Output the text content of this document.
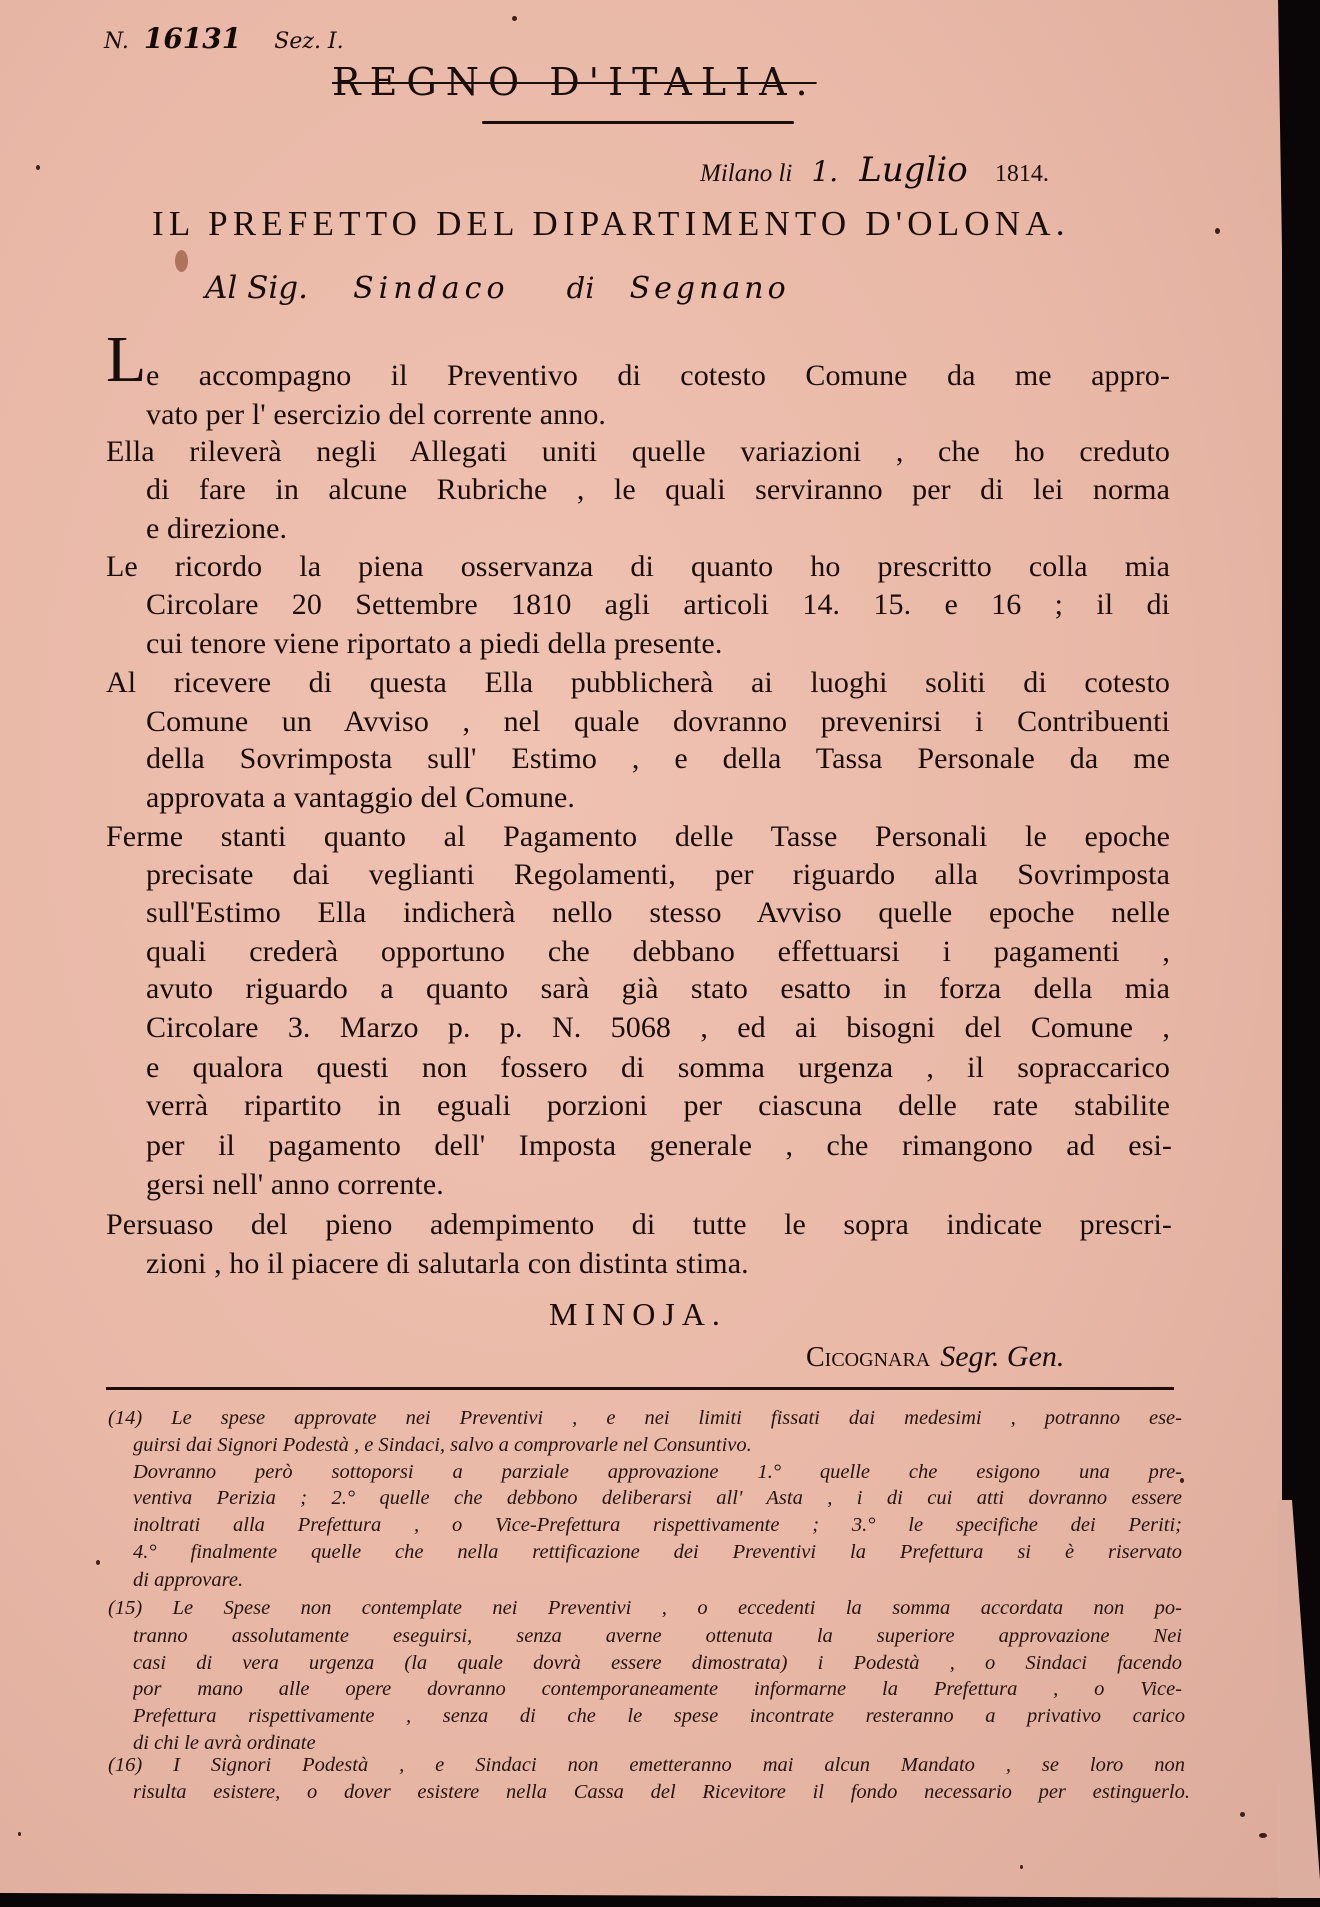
N. 16131 Sez. I.
REGNO D'ITALIA.
Milano li 1. Luglio 1814.
IL PREFETTO DEL DIPARTIMENTO D'OLONA.
Al Sig. Sindaco di Segnano
L e accompagno il Preventivo di cotesto Comune da me appro-
vato per l' esercizio del corrente anno.
Ella rileverà negli Allegati uniti quelle variazioni , che ho creduto
di fare in alcune Rubriche , le quali serviranno per di lei norma
e direzione.
Le ricordo la piena osservanza di quanto ho prescritto colla mia
Circolare 20 Settembre 1810 agli articoli 14. 15. e 16 ; il di
cui tenore viene riportato a piedi della presente.
Al ricevere di questa Ella pubblicherà ai luoghi soliti di cotesto
Comune un Avviso , nel quale dovranno prevenirsi i Contribuenti
della Sovrimposta sull' Estimo , e della Tassa Personale da me
approvata a vantaggio del Comune.
Ferme stanti quanto al Pagamento delle Tasse Personali le epoche
precisate dai veglianti Regolamenti, per riguardo alla Sovrimposta
sull'Estimo Ella indicherà nello stesso Avviso quelle epoche nelle
quali crederà opportuno che debbano effettuarsi i pagamenti ,
avuto riguardo a quanto sarà già stato esatto in forza della mia
Circolare 3. Marzo p. p. N. 5068 , ed ai bisogni del Comune ,
e qualora questi non fossero di somma urgenza , il sopraccarico
verrà ripartito in eguali porzioni per ciascuna delle rate stabilite
per il pagamento dell' Imposta generale , che rimangono ad esi-
gersi nell' anno corrente.
Persuaso del pieno adempimento di tutte le sopra indicate prescri-
zioni , ho il piacere di salutarla con distinta stima.
MINOJA.
Cicognara Segr. Gen.
(14) Le spese approvate nei Preventivi , e nei limiti fissati dai medesimi , potranno ese-
guirsi dai Signori Podestà , e Sindaci, salvo a comprovarle nel Consuntivo.
Dovranno però sottoporsi a parziale approvazione 1.° quelle che esigono una pre-
ventiva Perizia ; 2.° quelle che debbono deliberarsi all' Asta , i di cui atti dovranno essere
inoltrati alla Prefettura , o Vice-Prefettura rispettivamente ; 3.° le specifiche dei Periti;
4.° finalmente quelle che nella rettificazione dei Preventivi la Prefettura si è riservato
di approvare.
(15) Le Spese non contemplate nei Preventivi , o eccedenti la somma accordata non po-
tranno assolutamente eseguirsi, senza averne ottenuta la superiore approvazione Nei
casi di vera urgenza (la quale dovrà essere dimostrata) i Podestà , o Sindaci facendo
por mano alle opere dovranno contemporaneamente informarne la Prefettura , o Vice-
Prefettura rispettivamente , senza di che le spese incontrate resteranno a privativo carico
di chi le avrà ordinate
(16) I Signori Podestà , e Sindaci non emetteranno mai alcun Mandato , se loro non
risulta esistere, o dover esistere nella Cassa del Ricevitore il fondo necessario per estinguerlo.
